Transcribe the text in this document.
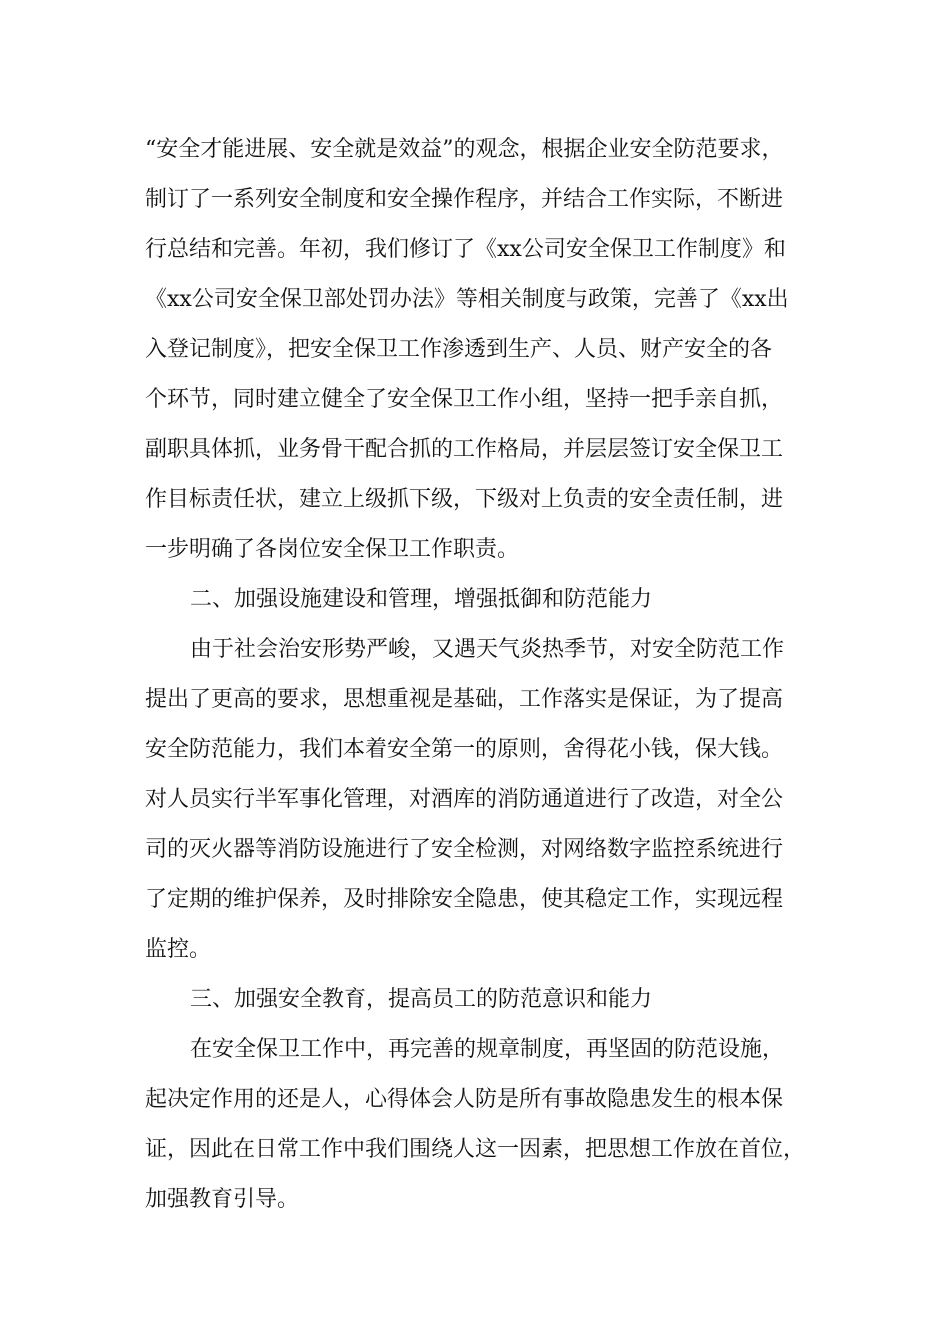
“安全才能进展、安全就是效益”的观念，根据企业安全防范要求，
制订了一系列安全制度和安全操作程序，并结合工作实际，不断进
行总结和完善。年初，我们修订了《xx公司安全保卫工作制度》和
《xx公司安全保卫部处罚办法》等相关制度与政策，完善了《xx出
入登记制度》，把安全保卫工作渗透到生产、人员、财产安全的各
个环节，同时建立健全了安全保卫工作小组，坚持一把手亲自抓，
副职具体抓，业务骨干配合抓的工作格局，并层层签订安全保卫工
作目标责任状，建立上级抓下级，下级对上负责的安全责任制，进
一步明确了各岗位安全保卫工作职责。
二、加强设施建设和管理，增强抵御和防范能力
由于社会治安形势严峻，又遇天气炎热季节，对安全防范工作
提出了更高的要求，思想重视是基础，工作落实是保证，为了提高
安全防范能力，我们本着安全第一的原则，舍得花小钱，保大钱。
对人员实行半军事化管理，对酒库的消防通道进行了改造，对全公
司的灭火器等消防设施进行了安全检测，对网络数字监控系统进行
了定期的维护保养，及时排除安全隐患，使其稳定工作，实现远程
监控。
三、加强安全教育，提高员工的防范意识和能力
在安全保卫工作中，再完善的规章制度，再坚固的防范设施，
起决定作用的还是人，心得体会人防是所有事故隐患发生的根本保
证，因此在日常工作中我们围绕人这一因素，把思想工作放在首位，
加强教育引导。
